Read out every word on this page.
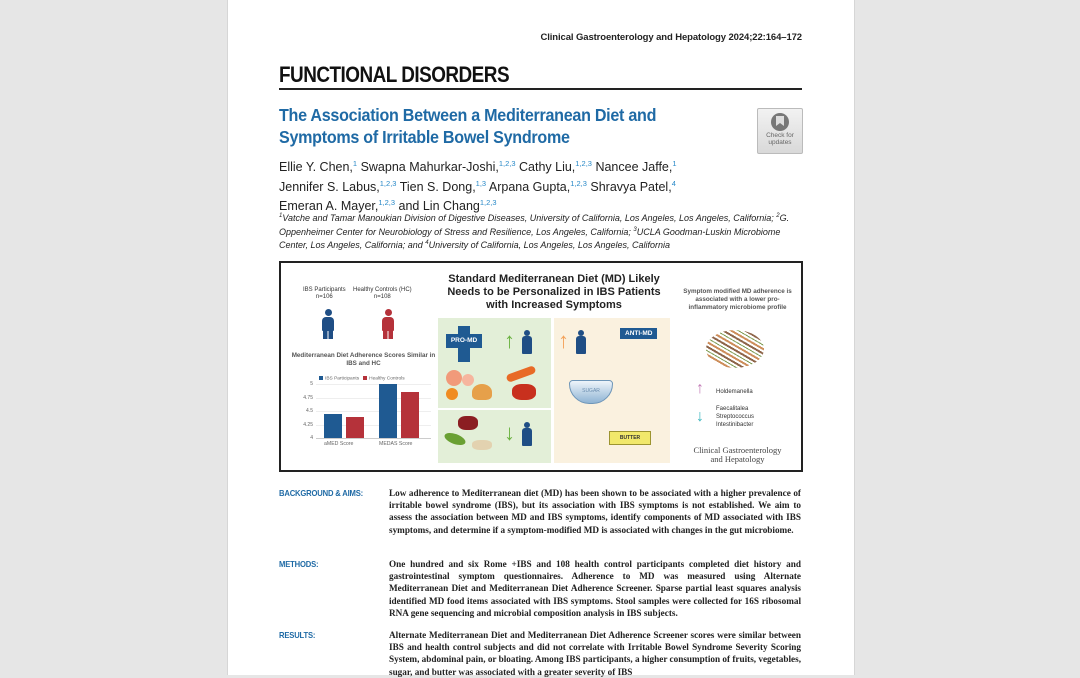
Clinical Gastroenterology and Hepatology 2024;22:164–172
FUNCTIONAL DISORDERS
The Association Between a Mediterranean Diet and Symptoms of Irritable Bowel Syndrome	Check for
updates
Ellie Y. Chen,$^1$ Swapna Mahurkar-Joshi,$^{1,2,3}$ Cathy Liu,$^{1,2,3}$ Nancee Jaffe,$^1$
Jennifer S. Labus,$^{1,2,3}$ Tien S. Dong,$^{1,3}$ Arpana Gupta,$^{1,2,3}$ Shravya Patel,$^4$
Emeran A. Mayer,$^{1,2,3}$ and Lin Chang$^{1,2,3}$
$^1$Vatche and Tamar Manoukian Division of Digestive Diseases, University of California, Los Angeles, Los Angeles, California; $^2$G. Oppenheimer Center for Neurobiology of Stress and Resilience, Los Angeles, California; $^3$UCLA Goodman-Luskin Microbiome Center, Los Angeles, California; and $^4$University of California, Los Angeles, Los Angeles, California
IBS Participants
n=106
Healthy Controls (HC)
n=108
Mediterranean Diet Adherence Scores Similar in IBS and HC
IBS Participants Healthy Controls
5
4.75
4.5
4.25
4
aMED Score	MEDAS Score
Standard Mediterranean Diet (MD) Likely Needs to be Personalized in IBS Patients with Increased Symptoms
PRO-MD ↑
↓
↑	ANTI-MD
SUGAR
BUTTER
Symptom modified MD adherence is associated with a lower pro-inflammatory microbiome profile
↑ Holdemanella
↓ Faecalitalea
Streptococcus
Intestinibacter
Clinical Gastroenterology
and Hepatology
BACKGROUND & AIMS:	Low adherence to Mediterranean diet (MD) has been shown to be associated with a higher prevalence of irritable bowel syndrome (IBS), but its association with IBS symptoms is not established. We aim to assess the association between MD and IBS symptoms, identify components of MD associated with IBS symptoms, and determine if a symptom-modified MD is associated with changes in the gut microbiome.
METHODS:	One hundred and six Rome +IBS and 108 health control participants completed diet history and gastrointestinal symptom questionnaires. Adherence to MD was measured using Alternate Mediterranean Diet and Mediterranean Diet Adherence Screener. Sparse partial least squares analysis identified MD food items associated with IBS symptoms. Stool samples were collected for 16S ribosomal RNA gene sequencing and microbial composition analysis in IBS subjects.
RESULTS:	Alternate Mediterranean Diet and Mediterranean Diet Adherence Screener scores were similar between IBS and health control subjects and did not correlate with Irritable Bowel Syndrome Severity Scoring System, abdominal pain, or bloating. Among IBS participants, a higher consumption of fruits, vegetables, sugar, and butter was associated with a greater severity of IBS
